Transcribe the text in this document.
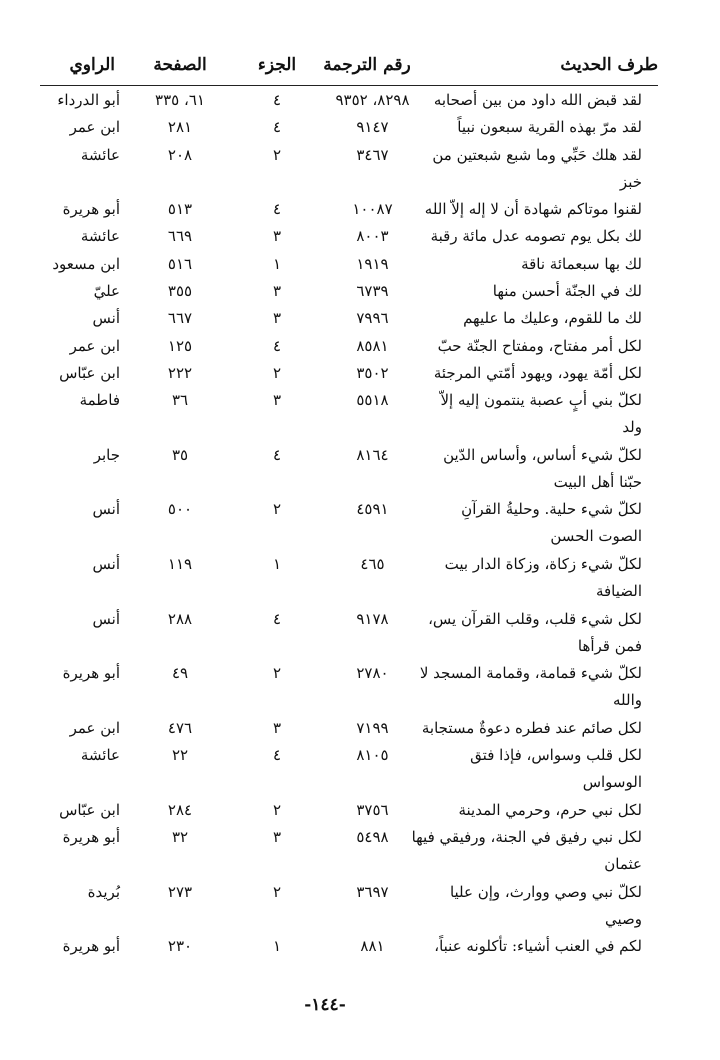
طرف الحديث
رقم الترجمة
الجزء
الصفحة
الراوي
لقد قبض الله داود من بين أصحابه
٨٢٩٨، ٩٣٥٢
٤
٦١، ٣٣٥
أبو الدرداء
لقد مرّ بهذه القرية سبعون نبياً
٩١٤٧
٤
٢٨١
ابن عمر
لقد هلك حَبِّي وما شبع شبعتين من
خبز
٣٤٦٧
٢
٢٠٨
عائشة
لقنوا موتاكم شهادة أن لا إله إلاّ الله
١٠٠٨٧
٤
٥١٣
أبو هريرة
لك بكل يوم تصومه عدل مائة رقبة
٨٠٠٣
٣
٦٦٩
عائشة
لك بها سبعمائة ناقة
١٩١٩
١
٥١٦
ابن مسعود
لك في الجنّة أحسن منها
٦٧٣٩
٣
٣٥٥
عليّ
لك ما للقوم، وعليك ما عليهم
٧٩٩٦
٣
٦٦٧
أنس
لكل أمر مفتاح، ومفتاح الجنّة حبّ
٨٥٨١
٤
١٢٥
ابن عمر
لكل أمّة يهود، ويهود أمّتي المرجئة
٣٥٠٢
٢
٢٢٢
ابن عبّاس
لكلّ بني أبٍ عصبة ينتمون إليه إلاّ
ولد
٥٥١٨
٣
٣٦
فاطمة
لكلّ شيء أساس، وأساس الدّين
حبّنا أهل البيت
٨١٦٤
٤
٣٥
جابر
لكلّ شيء حلية. وحليةُ القرآنِ
الصوت الحسن
٤٥٩١
٢
٥٠٠
أنس
لكلّ شيء زكاة، وزكاة الدار بيت
الضيافة
٤٦٥
١
١١٩
أنس
لكل شيء قلب، وقلب القرآن يس،
فمن قرأها
٩١٧٨
٤
٢٨٨
أنس
لكلّ شيء قمامة، وقمامة المسجد لا
والله
٢٧٨٠
٢
٤٩
أبو هريرة
لكل صائم عند فطره دعوةٌ مستجابة
٧١٩٩
٣
٤٧٦
ابن عمر
لكل قلب وسواس، فإذا فتق
الوسواس
٨١٠٥
٤
٢٢
عائشة
لكل نبي حرم، وحرمي المدينة
٣٧٥٦
٢
٢٨٤
ابن عبّاس
لكل نبي رفيق في الجنة، ورفيقي فيها
عثمان
٥٤٩٨
٣
٣٢
أبو هريرة
لكلّ نبي وصي ووارث، وإن عليا
وصيي
٣٦٩٧
٢
٢٧٣
بُريدة
لكم في العنب أشياء: تأكلونه عنباً،
٨٨١
١
٢٣٠
أبو هريرة
-١٤٤-
